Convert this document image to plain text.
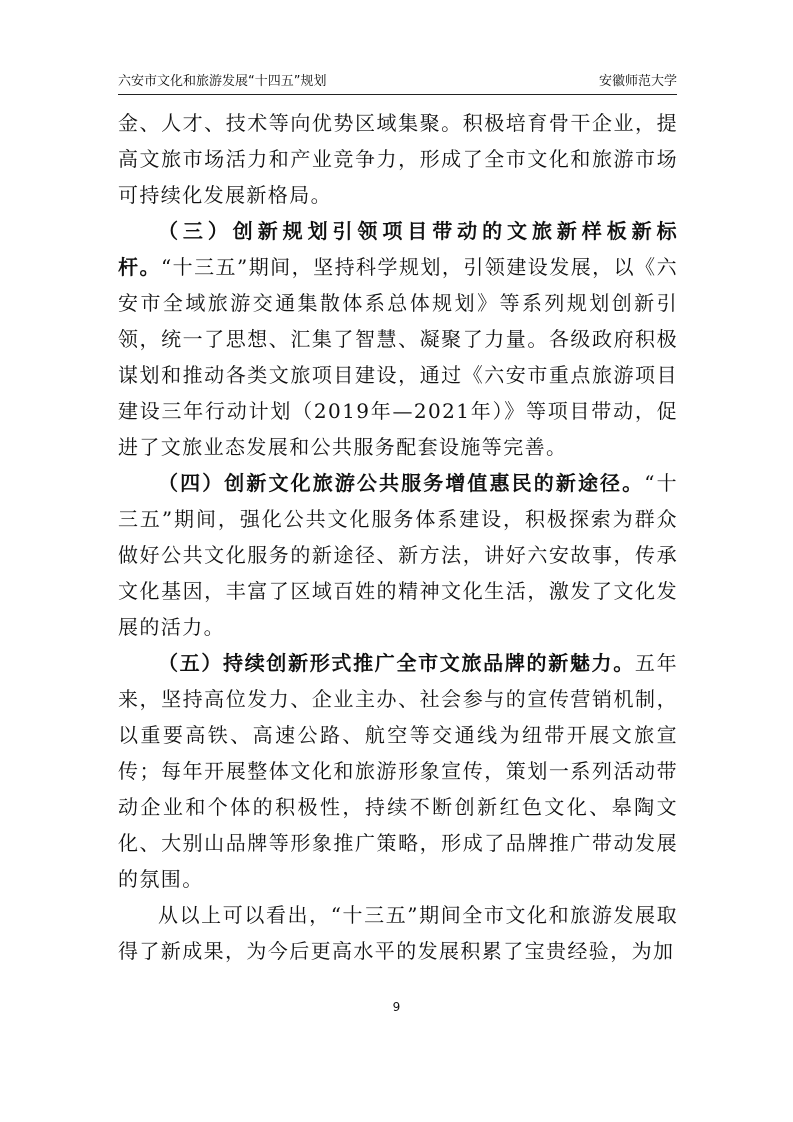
六安市文化和旅游发展“十四五”规划	安徽师范大学

金、人才、技术等向优势区域集聚。积极培育骨干企业，提高文旅市场活力和产业竞争力，形成了全市文化和旅游市场可持续化发展新格局。

（三）创新规划引领项目带动的文旅新样板新标杆。“十三五”期间，坚持科学规划，引领建设发展，以《六安市全域旅游交通集散体系总体规划》等系列规划创新引领，统一了思想、汇集了智慧、凝聚了力量。各级政府积极谋划和推动各类文旅项目建设，通过《六安市重点旅游项目建设三年行动计划（2019年—2021年）》等项目带动，促进了文旅业态发展和公共服务配套设施等完善。

（四）创新文化旅游公共服务增值惠民的新途径。“十三五”期间，强化公共文化服务体系建设，积极探索为群众做好公共文化服务的新途径、新方法，讲好六安故事，传承文化基因，丰富了区域百姓的精神文化生活，激发了文化发展的活力。

（五）持续创新形式推广全市文旅品牌的新魅力。五年来，坚持高位发力、企业主办、社会参与的宣传营销机制，以重要高铁、高速公路、航空等交通线为纽带开展文旅宣传；每年开展整体文化和旅游形象宣传，策划一系列活动带动企业和个体的积极性，持续不断创新红色文化、皋陶文化、大别山品牌等形象推广策略，形成了品牌推广带动发展的氛围。

从以上可以看出，“十三五”期间全市文化和旅游发展取得了新成果，为今后更高水平的发展积累了宝贵经验，为加

9
